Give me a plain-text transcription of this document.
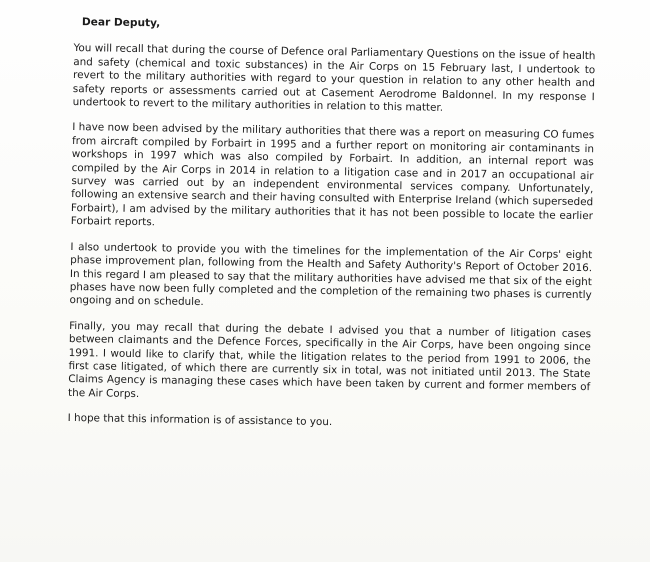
Dear Deputy,

You will recall that during the course of Defence oral Parliamentary Questions on the issue of health and safety (chemical and toxic substances) in the Air Corps on 15 February last, I undertook to revert to the military authorities with regard to your question in relation to any other health and safety reports or assessments carried out at Casement Aerodrome Baldonnel. In my response I undertook to revert to the military authorities in relation to this matter.

I have now been advised by the military authorities that there was a report on measuring CO fumes from aircraft compiled by Forbairt in 1995 and a further report on monitoring air contaminants in workshops in 1997 which was also compiled by Forbairt. In addition, an internal report was compiled by the Air Corps in 2014 in relation to a litigation case and in 2017 an occupational air survey was carried out by an independent environmental services company. Unfortunately, following an extensive search and their having consulted with Enterprise Ireland (which superseded Forbairt), I am advised by the military authorities that it has not been possible to locate the earlier Forbairt reports.

I also undertook to provide you with the timelines for the implementation of the Air Corps' eight phase improvement plan, following from the Health and Safety Authority's Report of October 2016. In this regard I am pleased to say that the military authorities have advised me that six of the eight phases have now been fully completed and the completion of the remaining two phases is currently ongoing and on schedule.

Finally, you may recall that during the debate I advised you that a number of litigation cases between claimants and the Defence Forces, specifically in the Air Corps, have been ongoing since 1991. I would like to clarify that, while the litigation relates to the period from 1991 to 2006, the first case litigated, of which there are currently six in total, was not initiated until 2013. The State Claims Agency is managing these cases which have been taken by current and former members of the Air Corps.

I hope that this information is of assistance to you.
